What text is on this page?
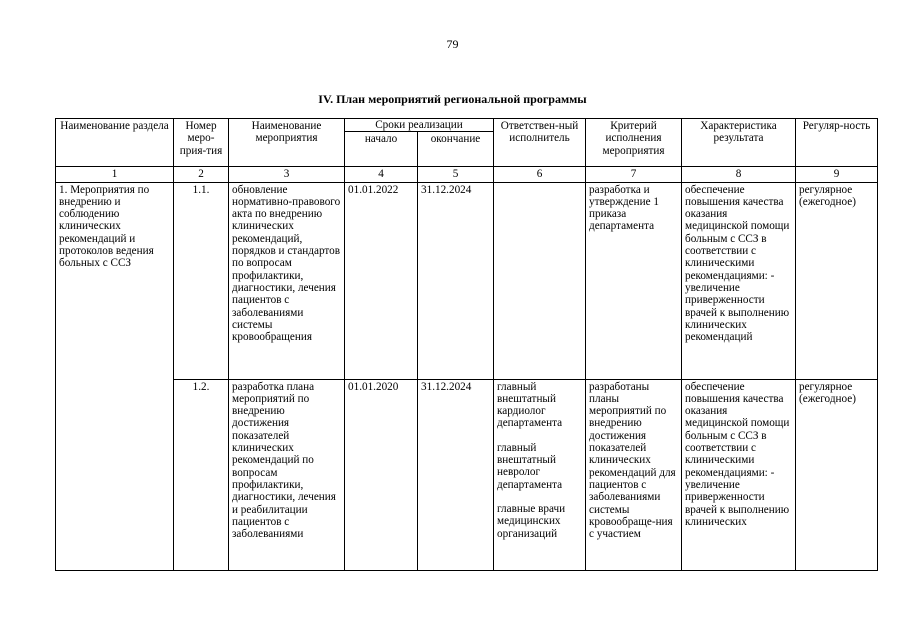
79
IV. План мероприятий региональной программы
Наименование раздела	Номер меро-прия-тия	Наименование мероприятия	Сроки реализации		Ответствен-ный исполнитель	Критерий исполнения мероприятия	Характеристика результата	Регуляр-ность
			начало	окончание				
1	2	3	4	5	6	7	8	9
1. Мероприятия по внедрению и соблюдению клинических рекомендаций и протоколов ведения больных с ССЗ	1.1.	обновление нормативно-правового акта по внедрению клинических рекомендаций, порядков и стандартов по вопросам профилактики, диагностики, лечения пациентов с заболеваниями системы кровообращения	01.01.2022	31.12.2024		разработка и утверждение 1 приказа департамента	обеспечение повышения качества оказания медицинской помощи больным с ССЗ в соответствии с клиническими рекомендациями: - увеличение приверженности врачей к выполнению клинических рекомендаций	регулярное (ежегодное)
	1.2.	разработка плана мероприятий по внедрению достижения показателей клинических рекомендаций по вопросам профилактики, диагностики, лечения и реабилитации пациентов с заболеваниями	01.01.2020	31.12.2024	главный внештатный кардиолог департамента
главный внештатный невролог департамента
главные врачи медицинских организаций	разработаны планы мероприятий по внедрению достижения показателей клинических рекомендаций для пациентов с заболеваниями системы кровообраще-ния с участием	обеспечение повышения качества оказания медицинской помощи больным с ССЗ в соответствии с клиническими рекомендациями: - увеличение приверженности врачей к выполнению клинических	регулярное (ежегодное)
